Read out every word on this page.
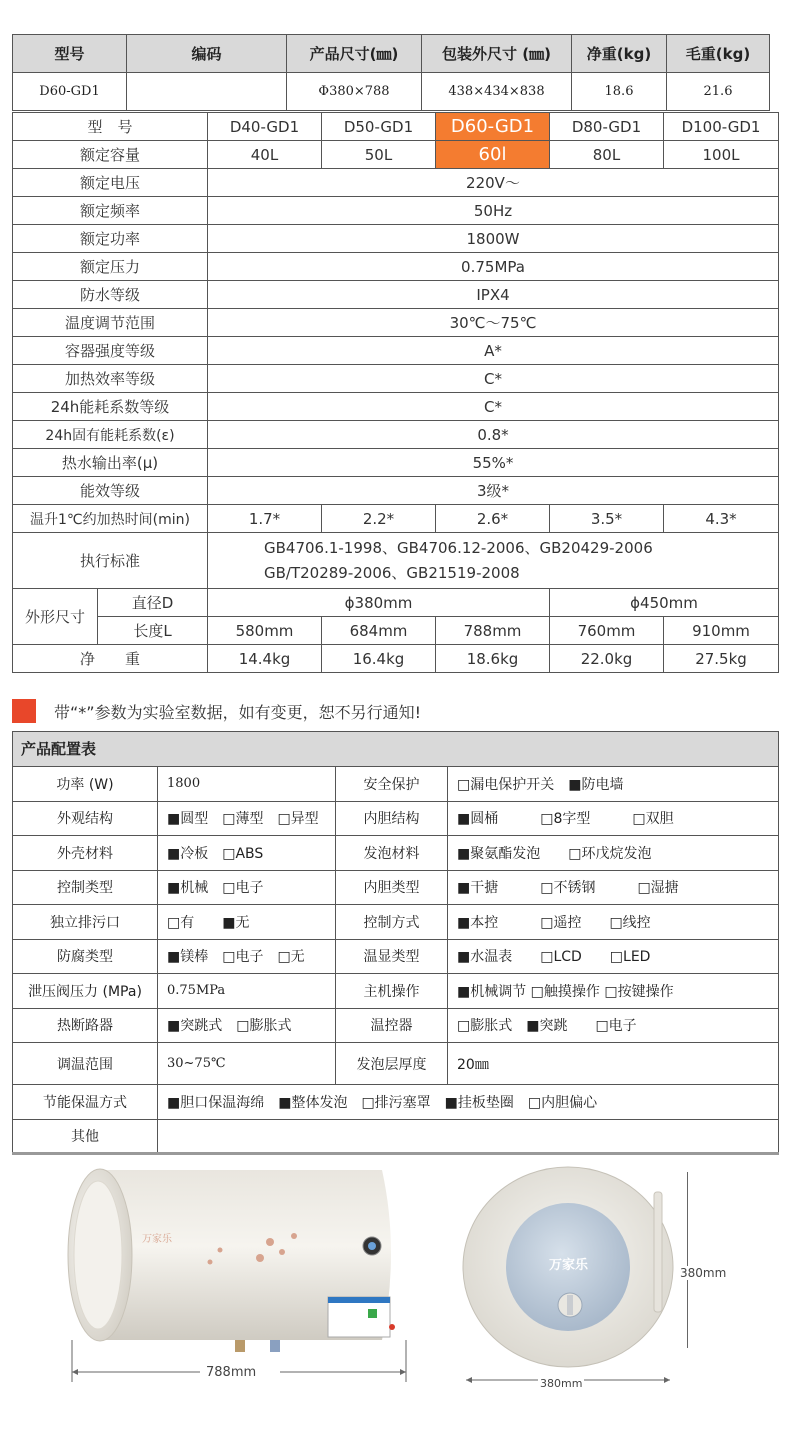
型号	编码	产品尺寸(㎜)	包装外尺寸 (㎜)	净重(kg)	毛重(kg)
D60-GD1		Φ380×788	438×434×838	18.6	21.6
型　号		D40-GD1	D50-GD1	D60-GD1	D80-GD1	D100-GD1
额定容量		40L	50L	60l	80L	100L
额定电压		220V～				
额定频率		50Hz				
额定功率		1800W				
额定压力		0.75MPa				
防水等级		IPX4				
温度调节范围		30℃～75℃				
容器强度等级		A*				
加热效率等级		C*				
24h能耗系数等级		C*				
24h固有能耗系数(ε)		0.8*				
热水输出率(μ)		55%*				
能效等级		3级*				
温升1℃约加热时间(min)		1.7*	2.2*	2.6*	3.5*	4.3*
执行标准		GB4706.1-1998、GB4706.12-2006、GB20429-2006
GB/T20289-2006、GB21519-2008				

外形尺寸	直径D	ϕ380mm			ϕ450mm	
	长度L	580mm	684mm	788mm	760mm	910mm
净　　重		14.4kg	16.4kg	18.6kg	22.0kg	27.5kg
带“*”参数为实验室数据，如有变更，恕不另行通知!
产品配置表
功率 (W)	1800	安全保护	□漏电保护开关　■防电墙
外观结构	■圆型　□薄型　□异型	内胆结构	■圆桶　　　□8字型　　　□双胆
外壳材料	■冷板　□ABS	发泡材料	■聚氨酯发泡　　□环戊烷发泡
控制类型	■机械　□电子	内胆类型	■干搪　　　□不锈钢　　　□湿搪
独立排污口	□有　　■无	控制方式	■本控　　　□遥控　　□线控
防腐类型	■镁棒　□电子　□无	温显类型	■水温表　　□LCD　　□LED
泄压阀压力 (MPa)	0.75MPa	主机操作	■机械调节 □触摸操作 □按键操作
热断路器	■突跳式　□膨胀式	温控器	□膨胀式　■突跳　　□电子
调温范围	30~75℃	发泡层厚度	20㎜
节能保温方式	■胆口保温海绵　■整体发泡　□排污塞罩　■挂板垫圈　□内胆偏心		
其他			
788mm
万家乐
380mm
万家乐	380mm
